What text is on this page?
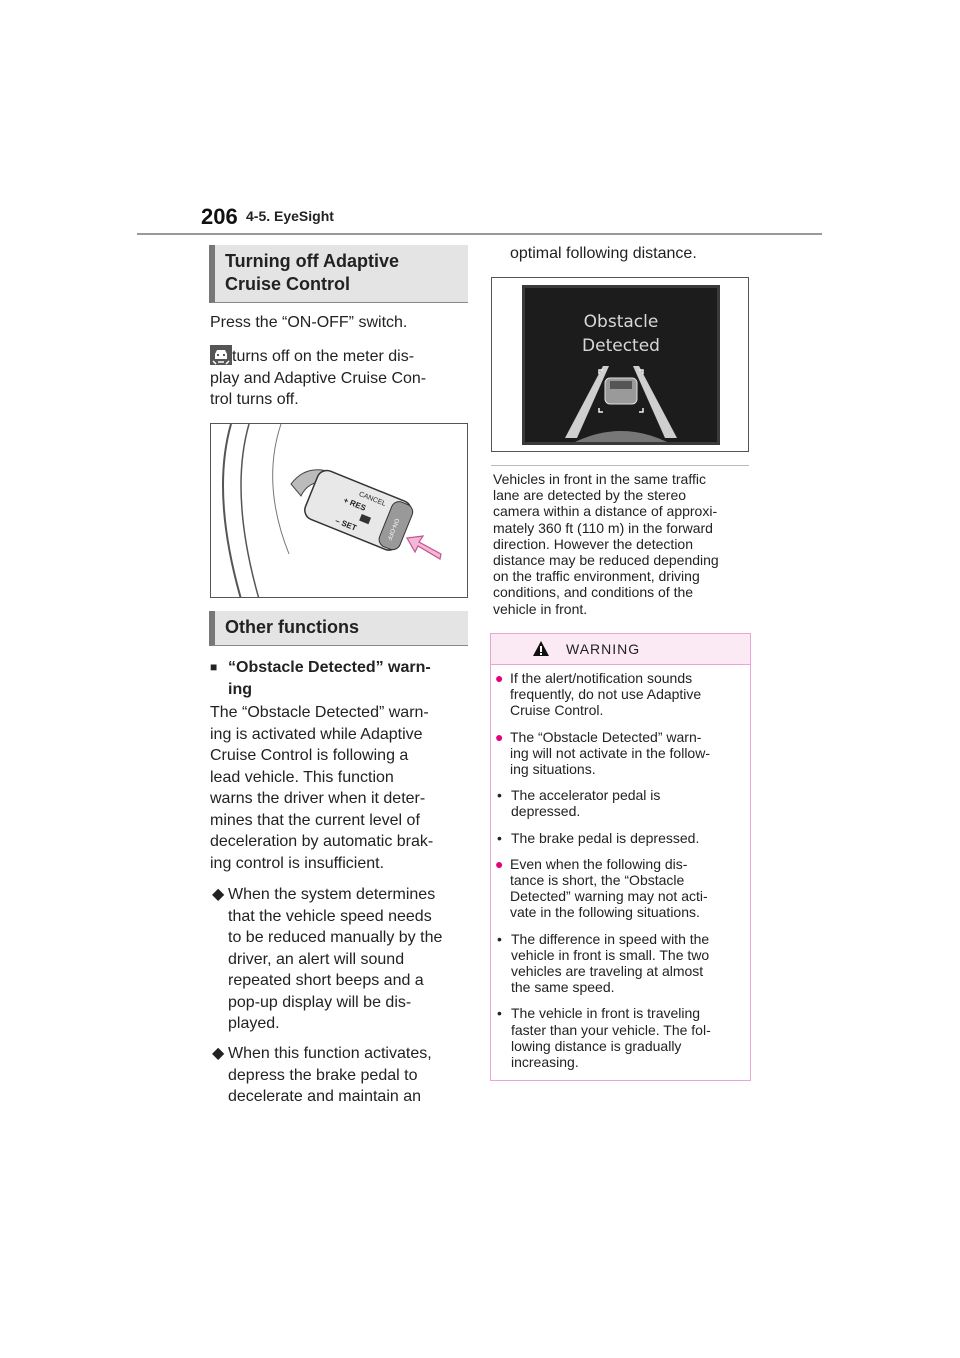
206 4-5. EyeSight
Turning off Adaptive
Cruise Control
Press the “ON-OFF” switch.
turns off on the meter dis-
play and Adaptive Cruise Con-
trol turns off.
CANCEL
+ RES
– SET	ON-OFF
Other functions
■ “Obstacle Detected” warn-
ing
The “Obstacle Detected” warn-
ing is activated while Adaptive
Cruise Control is following a
lead vehicle. This function
warns the driver when it deter-
mines that the current level of
deceleration by automatic brak-
ing control is insufficient.
◆ When the system determines
that the vehicle speed needs
to be reduced manually by the
driver, an alert will sound
repeated short beeps and a
pop-up display will be dis-
played.
◆ When this function activates,
depress the brake pedal to
decelerate and maintain an
optimal following distance.
Obstacle
Detected
Vehicles in front in the same traffic
lane are detected by the stereo
camera within a distance of approxi-
mately 360 ft (110 m) in the forward
direction. However the detection
distance may be reduced depending
on the traffic environment, driving
conditions, and conditions of the
vehicle in front.
WARNING
● If the alert/notification sounds
frequently, do not use Adaptive
Cruise Control.
● The “Obstacle Detected” warn-
ing will not activate in the follow-
ing situations.
• The accelerator pedal is
depressed.
• The brake pedal is depressed.
● Even when the following dis-
tance is short, the “Obstacle
Detected” warning may not acti-
vate in the following situations.
• The difference in speed with the
vehicle in front is small. The two
vehicles are traveling at almost
the same speed.
• The vehicle in front is traveling
faster than your vehicle. The fol-
lowing distance is gradually
increasing.
